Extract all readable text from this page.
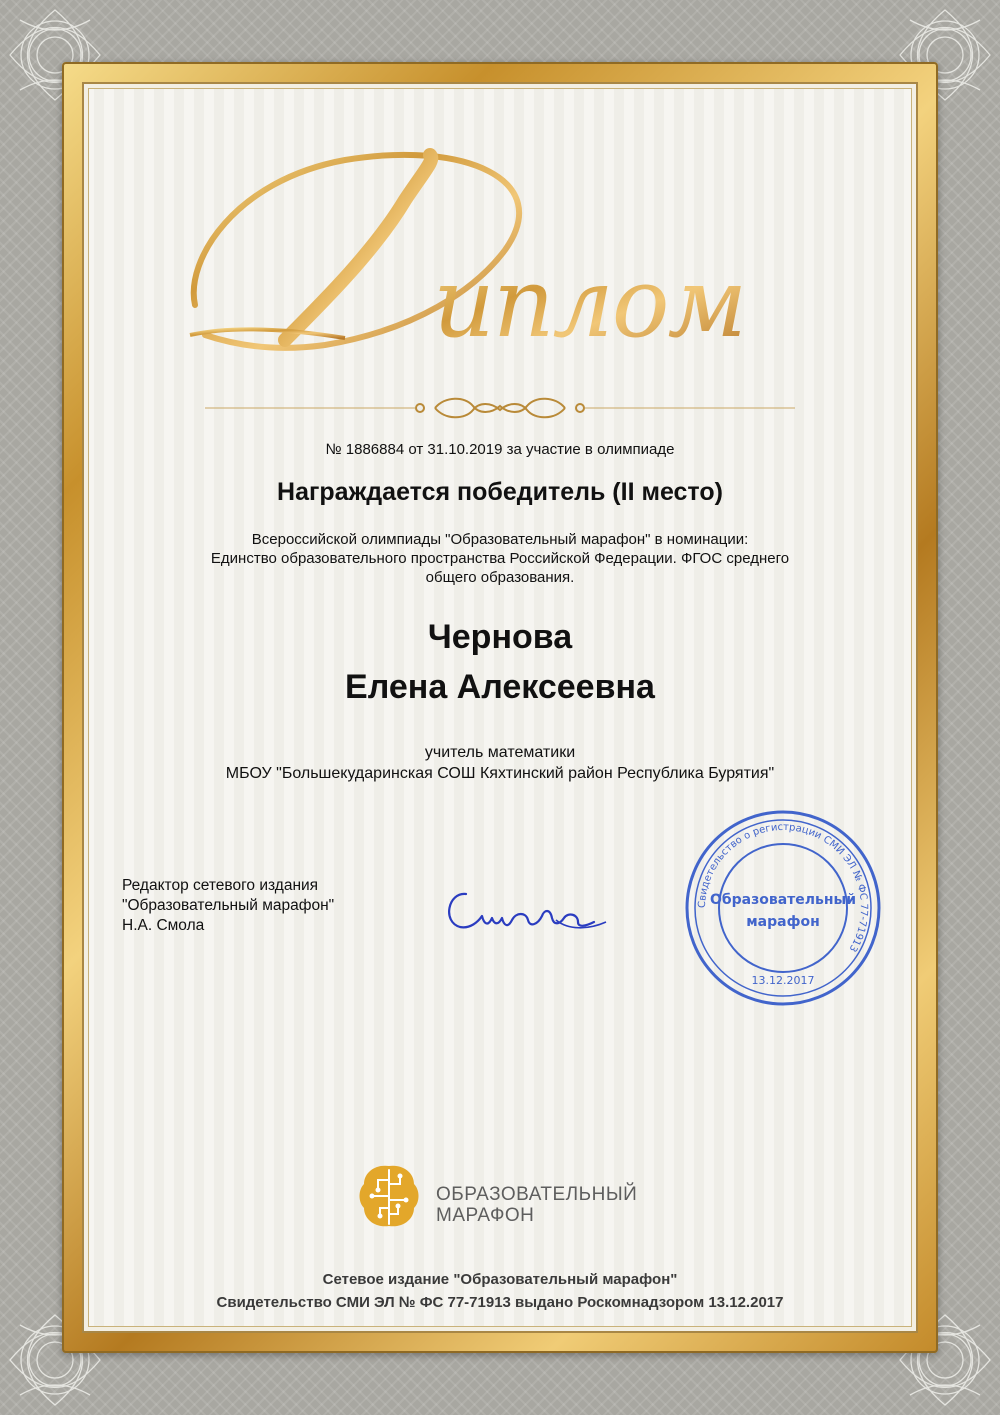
иплом
№ 1886884 от 31.10.2019 за участие в олимпиаде
Награждается победитель (II место)
Всероссийской олимпиады "Образовательный марафон" в номинации:
Единство образовательного пространства Российской Федерации. ФГОС среднего
общего образования.
Чернова
Елена Алексеевна
учитель математики
МБОУ "Большекударинская СОШ Кяхтинский район Республика Бурятия"
Редактор сетевого издания
"Образовательный марафон"
Н.А. Смола
Свидетельство о регистрации СМИ ЭЛ № ФС 77-71913
Образовательный
марафон
13.12.2017
ОБРАЗОВАТЕЛЬНЫЙ
МАРАФОН
Сетевое издание "Образовательный марафон"
Свидетельство СМИ ЭЛ № ФС 77-71913 выдано Роскомнадзором 13.12.2017
